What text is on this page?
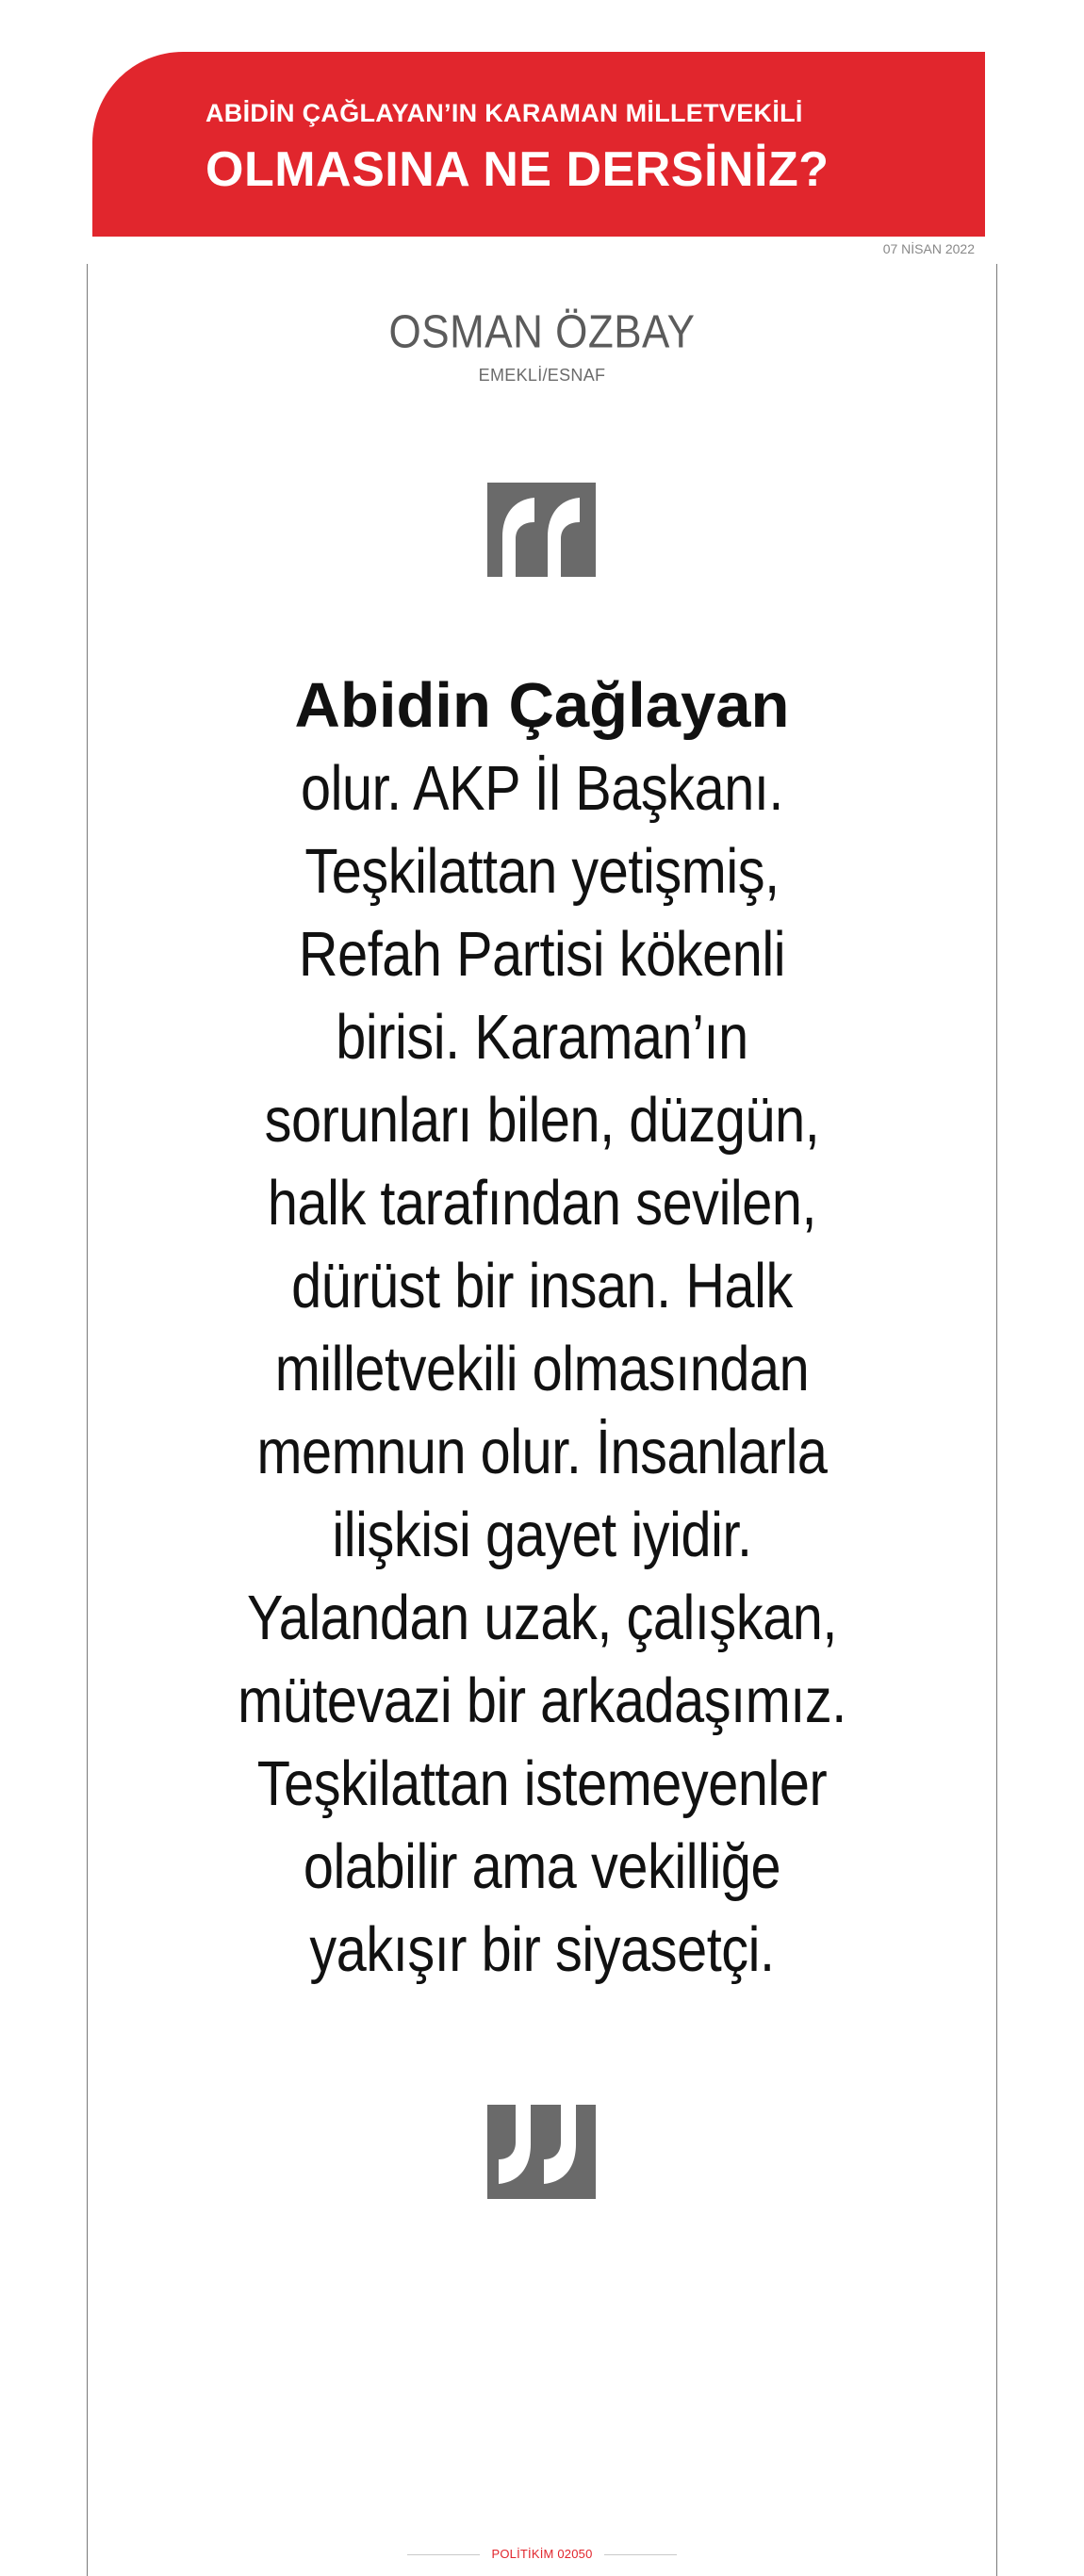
ABİDİN ÇAĞLAYAN’IN KARAMAN MİLLETVEKİLİ
OLMASINA NE DERSİNİZ?
07 NİSAN 2022
OSMAN ÖZBAY
EMEKLİ/ESNAF
Abidin Çağlayan
olur. AKP İl Başkanı.
Teşkilattan yetişmiş,
Refah Partisi kökenli
birisi. Karaman’ın
sorunları bilen, düzgün,
halk tarafından sevilen,
dürüst bir insan. Halk
milletvekili olmasından
memnun olur. İnsanlarla
ilişkisi gayet iyidir.
Yalandan uzak, çalışkan,
mütevazi bir arkadaşımız.
Teşkilattan istemeyenler
olabilir ama vekilliğe
yakışır bir siyasetçi.
POLİTİKİM 02050
